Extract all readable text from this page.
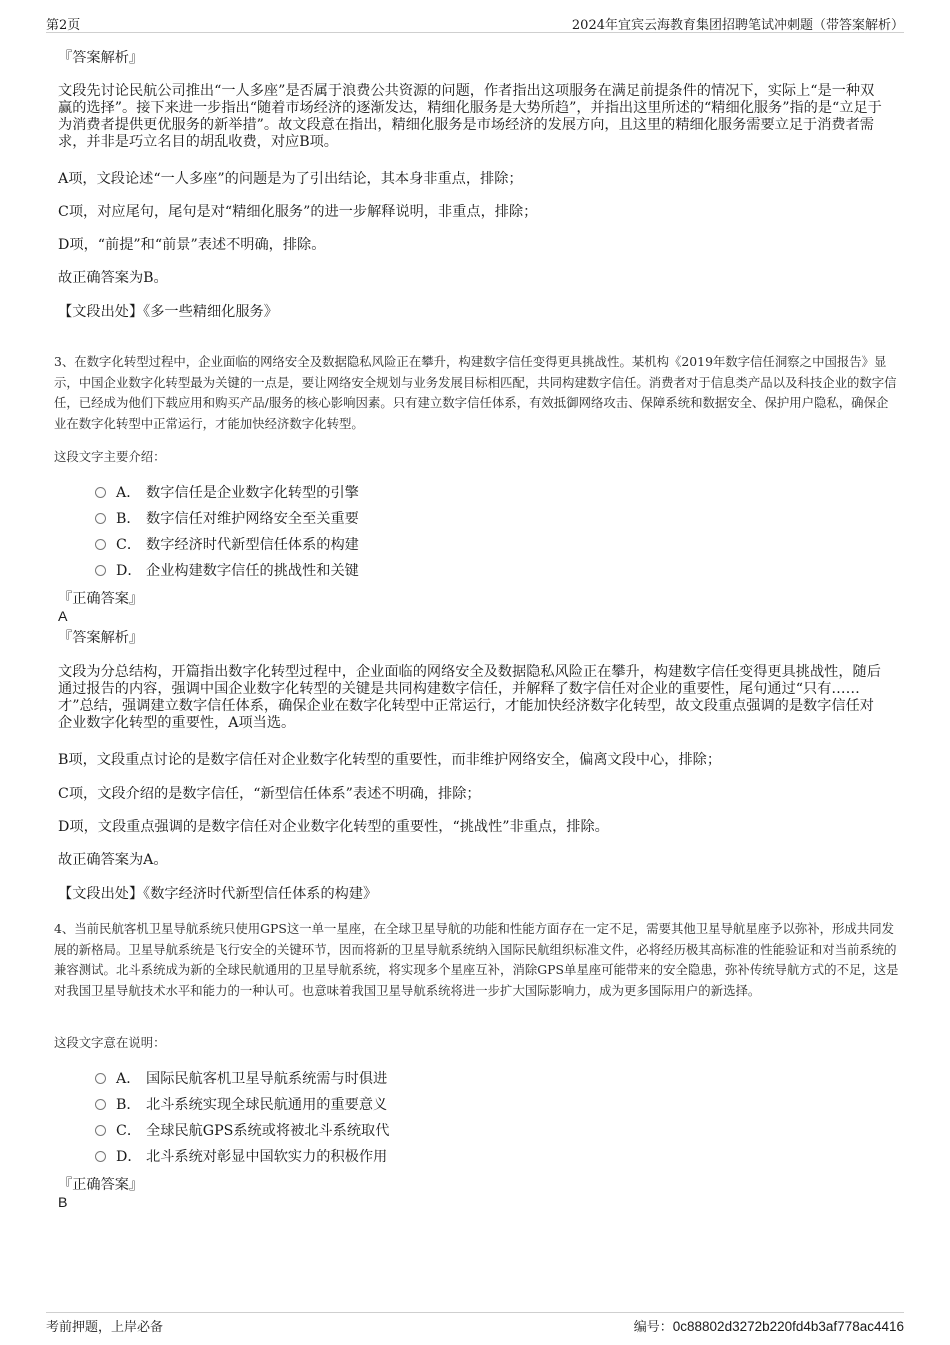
第2页	2024年宜宾云海教育集团招聘笔试冲刺题（带答案解析）
『答案解析』
文段先讨论民航公司推出“一人多座”是否属于浪费公共资源的问题，作者指出这项服务在满足前提条件的情况下，实际上“是一种双赢的选择”。接下来进一步指出“随着市场经济的逐渐发达，精细化服务是大势所趋”，并指出这里所述的“精细化服务”指的是“立足于为消费者提供更优服务的新举措”。故文段意在指出，精细化服务是市场经济的发展方向，且这里的精细化服务需要立足于消费者需求，并非是巧立名目的胡乱收费，对应B项。
A项，文段论述“一人多座”的问题是为了引出结论，其本身非重点，排除；
C项，对应尾句，尾句是对“精细化服务”的进一步解释说明，非重点，排除；
D项，“前提”和“前景”表述不明确，排除。
故正确答案为B。
【文段出处】《多一些精细化服务》
3、在数字化转型过程中，企业面临的网络安全及数据隐私风险正在攀升，构建数字信任变得更具挑战性。某机构《2019年数字信任洞察之中国报告》显示，中国企业数字化转型最为关键的一点是，要让网络安全规划与业务发展目标相匹配，共同构建数字信任。消费者对于信息类产品以及科技企业的数字信任，已经成为他们下载应用和购买产品/服务的核心影响因素。只有建立数字信任体系，有效抵御网络攻击、保障系统和数据安全、保护用户隐私，确保企业在数字化转型中正常运行，才能加快经济数字化转型。
这段文字主要介绍：
A． 数字信任是企业数字化转型的引擎
B． 数字信任对维护网络安全至关重要
C． 数字经济时代新型信任体系的构建
D． 企业构建数字信任的挑战性和关键
『正确答案』
A
『答案解析』
文段为分总结构，开篇指出数字化转型过程中，企业面临的网络安全及数据隐私风险正在攀升，构建数字信任变得更具挑战性，随后通过报告的内容，强调中国企业数字化转型的关键是共同构建数字信任，并解释了数字信任对企业的重要性，尾句通过“只有……才”总结，强调建立数字信任体系，确保企业在数字化转型中正常运行，才能加快经济数字化转型，故文段重点强调的是数字信任对企业数字化转型的重要性，A项当选。
B项，文段重点讨论的是数字信任对企业数字化转型的重要性，而非维护网络安全，偏离文段中心，排除；
C项，文段介绍的是数字信任，“新型信任体系”表述不明确，排除；
D项，文段重点强调的是数字信任对企业数字化转型的重要性，“挑战性”非重点，排除。
故正确答案为A。
【文段出处】《数字经济时代新型信任体系的构建》
4、当前民航客机卫星导航系统只使用GPS这一单一星座，在全球卫星导航的功能和性能方面存在一定不足，需要其他卫星导航星座予以弥补，形成共同发展的新格局。卫星导航系统是飞行安全的关键环节，因而将新的卫星导航系统纳入国际民航组织标准文件，必将经历极其高标准的性能验证和对当前系统的兼容测试。北斗系统成为新的全球民航通用的卫星导航系统，将实现多个星座互补，消除GPS单星座可能带来的安全隐患，弥补传统导航方式的不足，这是对我国卫星导航技术水平和能力的一种认可。也意味着我国卫星导航系统将进一步扩大国际影响力，成为更多国际用户的新选择。
这段文字意在说明：
A． 国际民航客机卫星导航系统需与时俱进
B． 北斗系统实现全球民航通用的重要意义
C． 全球民航GPS系统或将被北斗系统取代
D． 北斗系统对彰显中国软实力的积极作用
『正确答案』
B
考前押题，上岸必备	编号：0c88802d3272b220fd4b3af778ac4416
